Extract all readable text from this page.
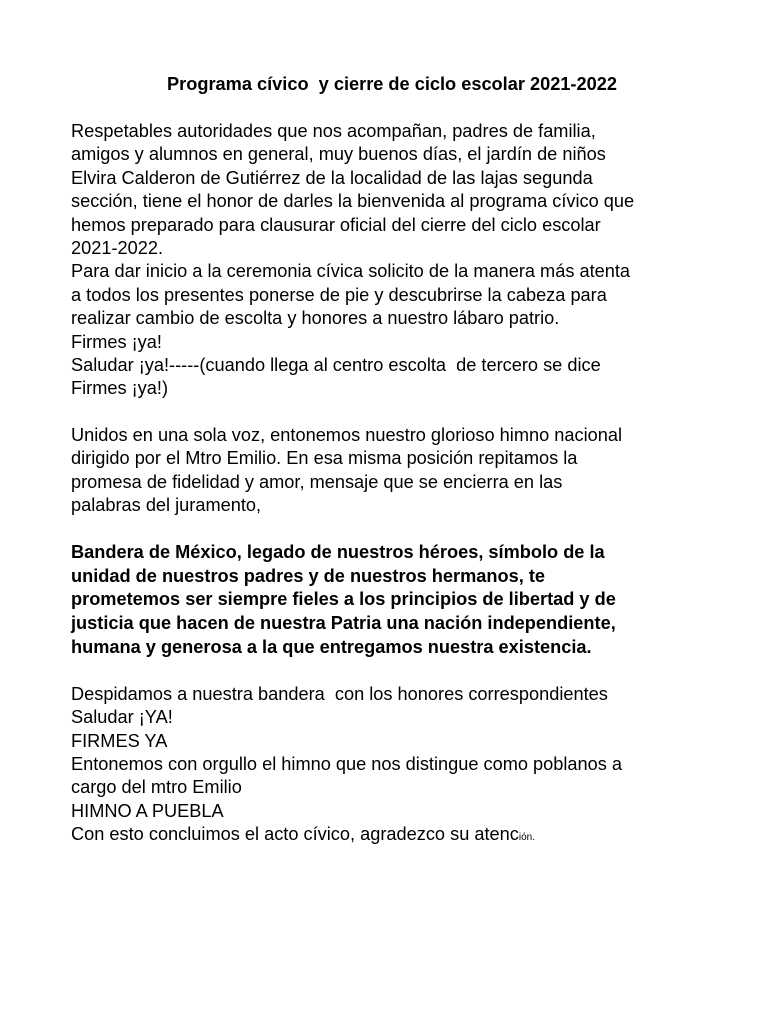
Programa cívico  y cierre de ciclo escolar 2021-2022
Respetables autoridades que nos acompañan, padres de familia,
amigos y alumnos en general, muy buenos días, el jardín de niños
Elvira Calderon de Gutiérrez de la localidad de las lajas segunda
sección, tiene el honor de darles la bienvenida al programa cívico que
hemos preparado para clausurar oficial del cierre del ciclo escolar
2021-2022.
Para dar inicio a la ceremonia cívica solicito de la manera más atenta
a todos los presentes ponerse de pie y descubrirse la cabeza para
realizar cambio de escolta y honores a nuestro lábaro patrio.
Firmes ¡ya!
Saludar ¡ya!-----(cuando llega al centro escolta  de tercero se dice
Firmes ¡ya!)
Unidos en una sola voz, entonemos nuestro glorioso himno nacional
dirigido por el Mtro Emilio. En esa misma posición repitamos la
promesa de fidelidad y amor, mensaje que se encierra en las
palabras del juramento,
Bandera de México, legado de nuestros héroes, símbolo de la
unidad de nuestros padres y de nuestros hermanos, te
prometemos ser siempre fieles a los principios de libertad y de
justicia que hacen de nuestra Patria una nación independiente,
humana y generosa a la que entregamos nuestra existencia.
Despidamos a nuestra bandera  con los honores correspondientes
Saludar ¡YA!
FIRMES YA
Entonemos con orgullo el himno que nos distingue como poblanos a
cargo del mtro Emilio
HIMNO A PUEBLA
Con esto concluimos el acto cívico, agradezco su atención.
